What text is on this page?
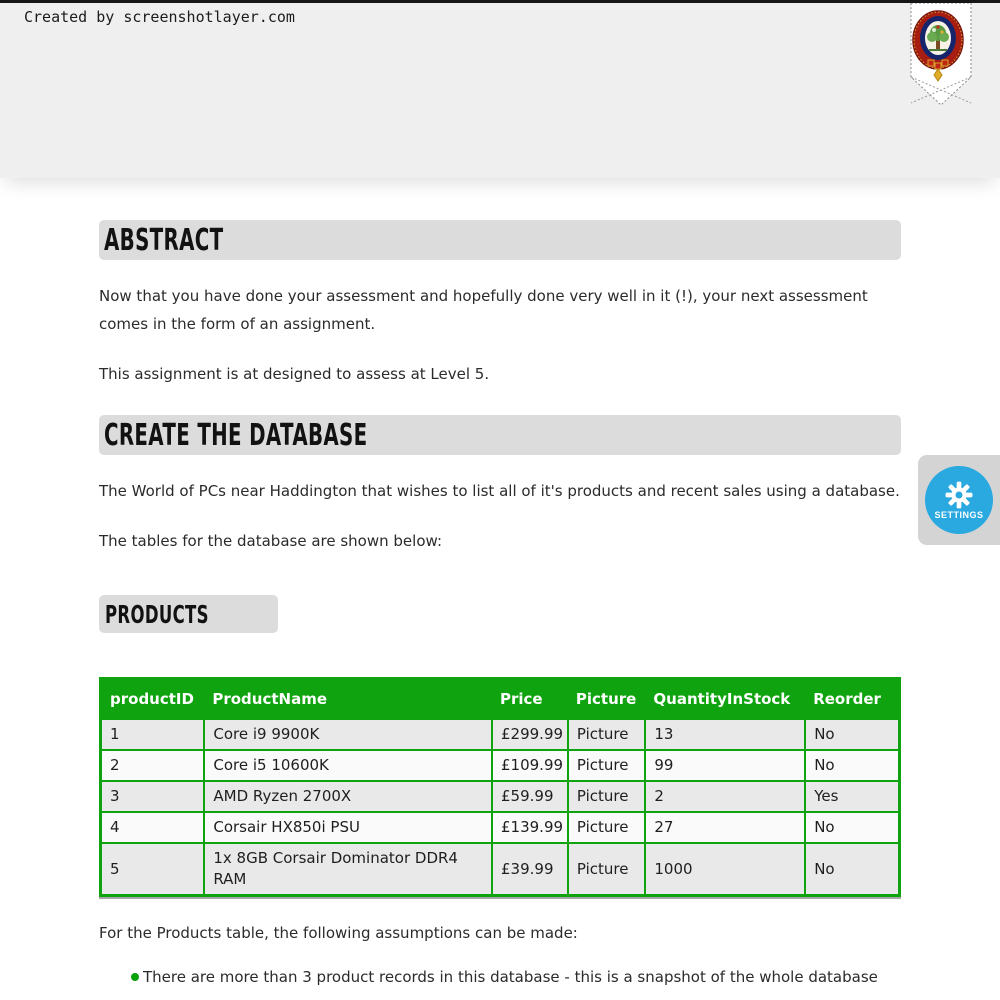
Created by screenshotlayer.com
S3 COMPUTING
DATABASES ASSIGNMENT
ABSTRACT

Now that you have done your assessment and hopefully done very well in it (!), your next assessment comes in the form of an assignment.

This assignment is at designed to assess at Level 5.

CREATE THE DATABASE

The World of PCs near Haddington that wishes to list all of it's products and recent sales using a database.

The tables for the database are shown below:

PRODUCTS
productID	ProductName	Price	Picture	QuantityInStock	Reorder
1	Core i9 9900K	£299.99	Picture	13	No
2	Core i5 10600K	£109.99	Picture	99	No
3	AMD Ryzen 2700X	£59.99	Picture	2	Yes
4	Corsair HX850i PSU	£139.99	Picture	27	No
5	1x 8GB Corsair Dominator DDR4 RAM	£39.99	Picture	1000	No

For the Products table, the following assumptions can be made:

There are more than 3 product records in this database - this is a snapshot of the whole database
SETTINGS
